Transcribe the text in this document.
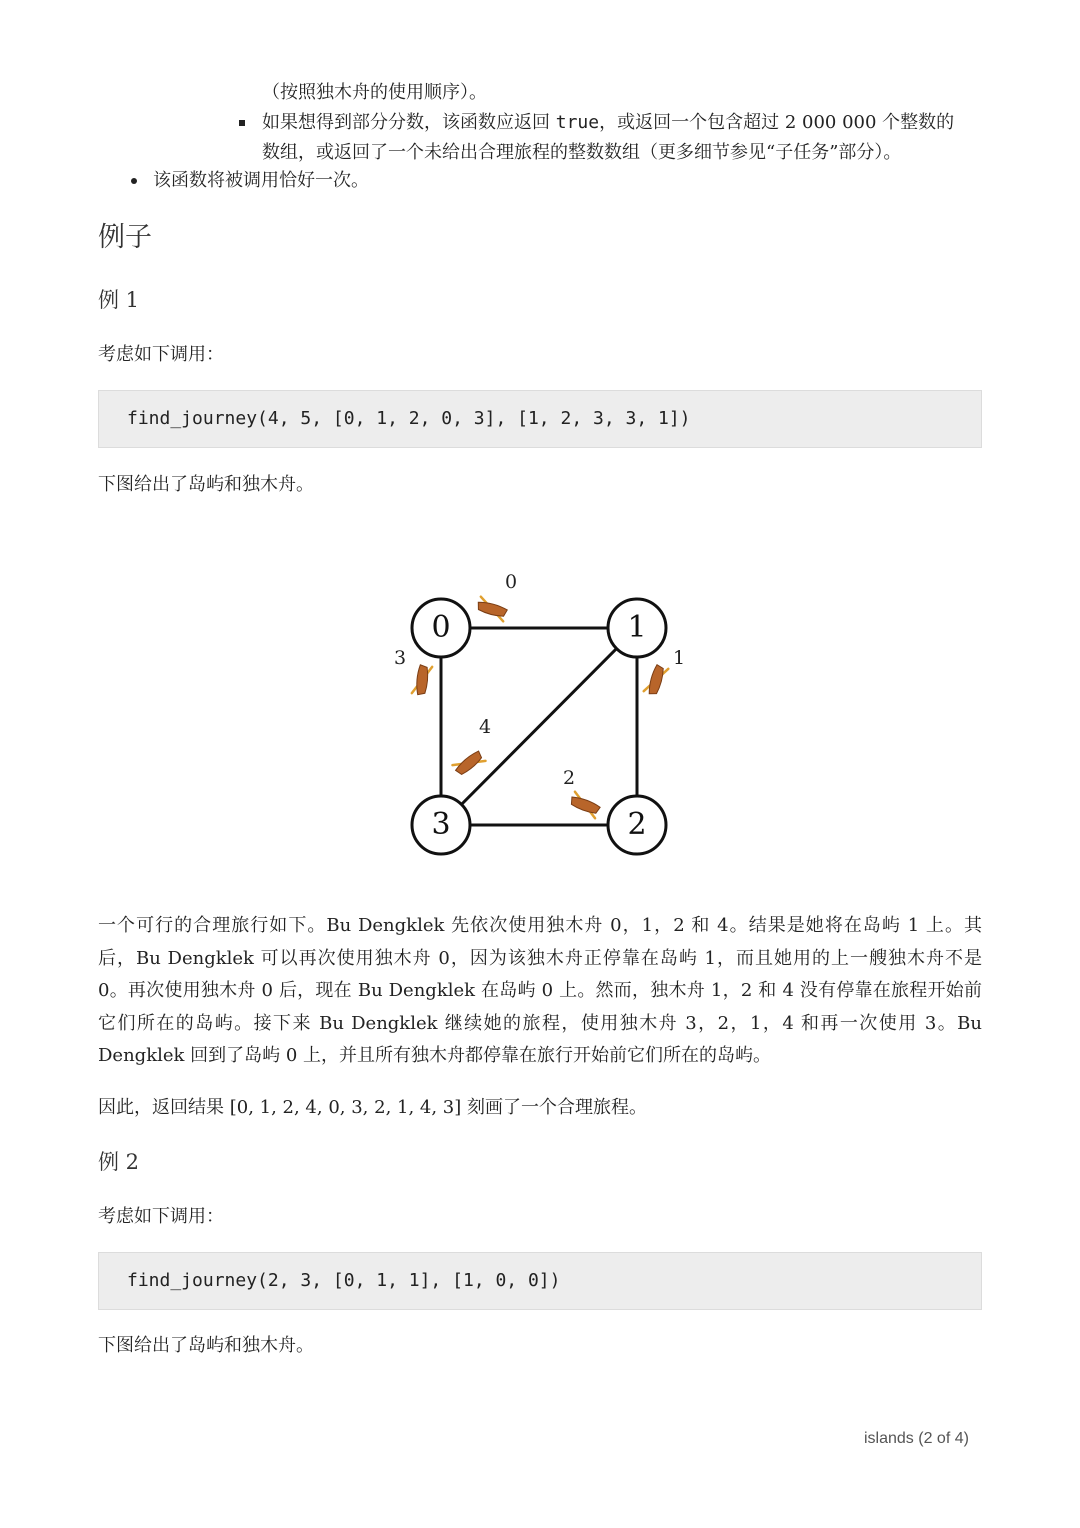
（按照独木舟的使用顺序）。
如果想得到部分分数，该函数应返回 true，或返回一个包含超过 2 000 000 个整数的
数组，或返回了一个未给出合理旅程的整数数组（更多细节参见“子任务”部分）。
该函数将被调用恰好一次。
例子
例 1
考虑如下调用：
find_journey(4, 5, [0, 1, 2, 0, 3], [1, 2, 3, 3, 1])
下图给出了岛屿和独木舟。
0
1
2
3
4
0	1
2
3
一个可行的合理旅行如下。Bu Dengklek 先依次使用独木舟 0，1，2 和 4。结果是她将在岛屿 1 上。其
后，Bu Dengklek 可以再次使用独木舟 0，因为该独木舟正停靠在岛屿 1，而且她用的上一艘独木舟不是
0。再次使用独木舟 0 后，现在 Bu Dengklek 在岛屿 0 上。然而，独木舟 1，2 和 4 没有停靠在旅程开始前
它们所在的岛屿。接下来 Bu Dengklek 继续她的旅程，使用独木舟 3，2，1，4 和再一次使用 3。Bu
Dengklek 回到了岛屿 0 上，并且所有独木舟都停靠在旅行开始前它们所在的岛屿。
因此，返回结果 [0, 1, 2, 4, 0, 3, 2, 1, 4, 3] 刻画了一个合理旅程。
例 2
考虑如下调用：
find_journey(2, 3, [0, 1, 1], [1, 0, 0])
下图给出了岛屿和独木舟。
islands (2 of 4)
